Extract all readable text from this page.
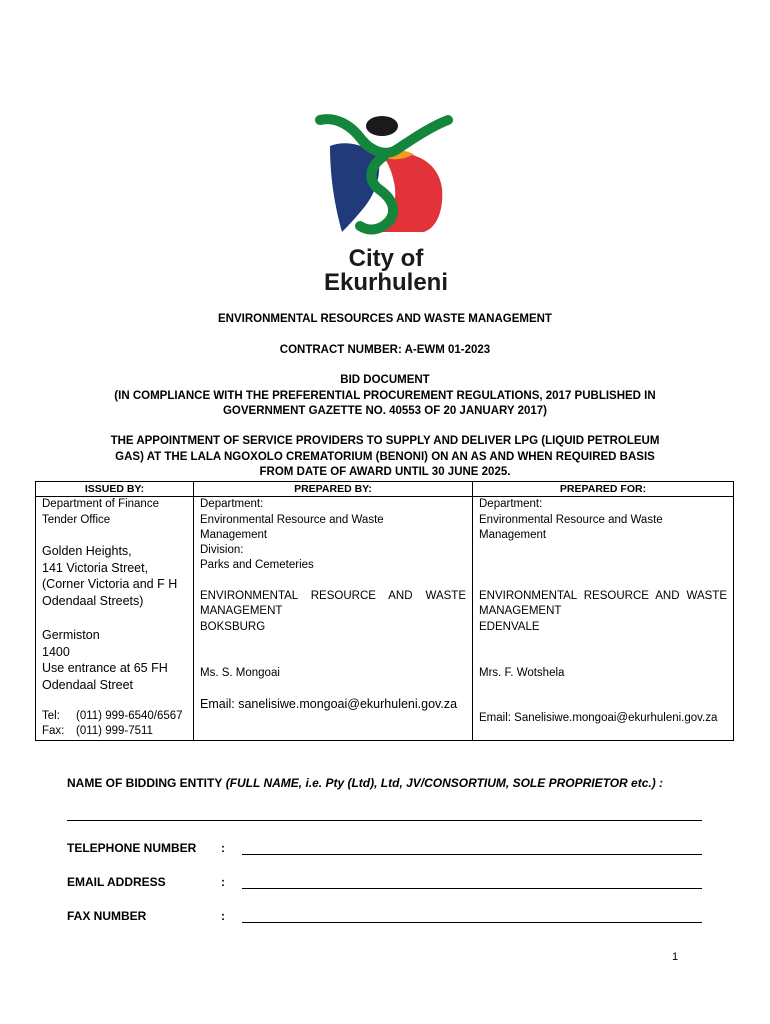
City of
Ekurhuleni
ENVIRONMENTAL RESOURCES AND WASTE MANAGEMENT
CONTRACT NUMBER: A-EWM 01-2023
BID DOCUMENT
(IN COMPLIANCE WITH THE PREFERENTIAL PROCUREMENT REGULATIONS, 2017 PUBLISHED IN
GOVERNMENT GAZETTE NO. 40553 OF 20 JANUARY 2017)
THE APPOINTMENT OF SERVICE PROVIDERS TO SUPPLY AND DELIVER LPG (LIQUID PETROLEUM
GAS) AT THE LALA NGOXOLO CREMATORIUM (BENONI) ON AN AS AND WHEN REQUIRED BASIS
FROM DATE OF AWARD UNTIL 30 JUNE 2025.
ISSUED BY:
Department of Finance
Tender Office
Golden Heights,
141 Victoria Street,
(Corner Victoria and F H
Odendaal Streets)
Germiston
1400
Use entrance at 65 FH
Odendaal Street
Tel: (011) 999-6540/6567
Fax: (011) 999-7511
PREPARED BY:
Department:
Environmental Resource and Waste
Management
Division:
Parks and Cemeteries
ENVIRONMENTAL RESOURCE AND WASTE
MANAGEMENT
BOKSBURG
Ms. S. Mongoai
Email: sanelisiwe.mongoai@ekurhuleni.gov.za
PREPARED FOR:
Department:
Environmental Resource and Waste
Management
ENVIRONMENTAL RESOURCE AND WASTE
MANAGEMENT
EDENVALE
Mrs. F. Wotshela
Email: Sanelisiwe.mongoai@ekurhuleni.gov.za
NAME OF BIDDING ENTITY (FULL NAME, i.e. Pty (Ltd), Ltd, JV/CONSORTIUM, SOLE PROPRIETOR etc.) :
TELEPHONE NUMBER :
EMAIL ADDRESS	:
FAX NUMBER	:
1
